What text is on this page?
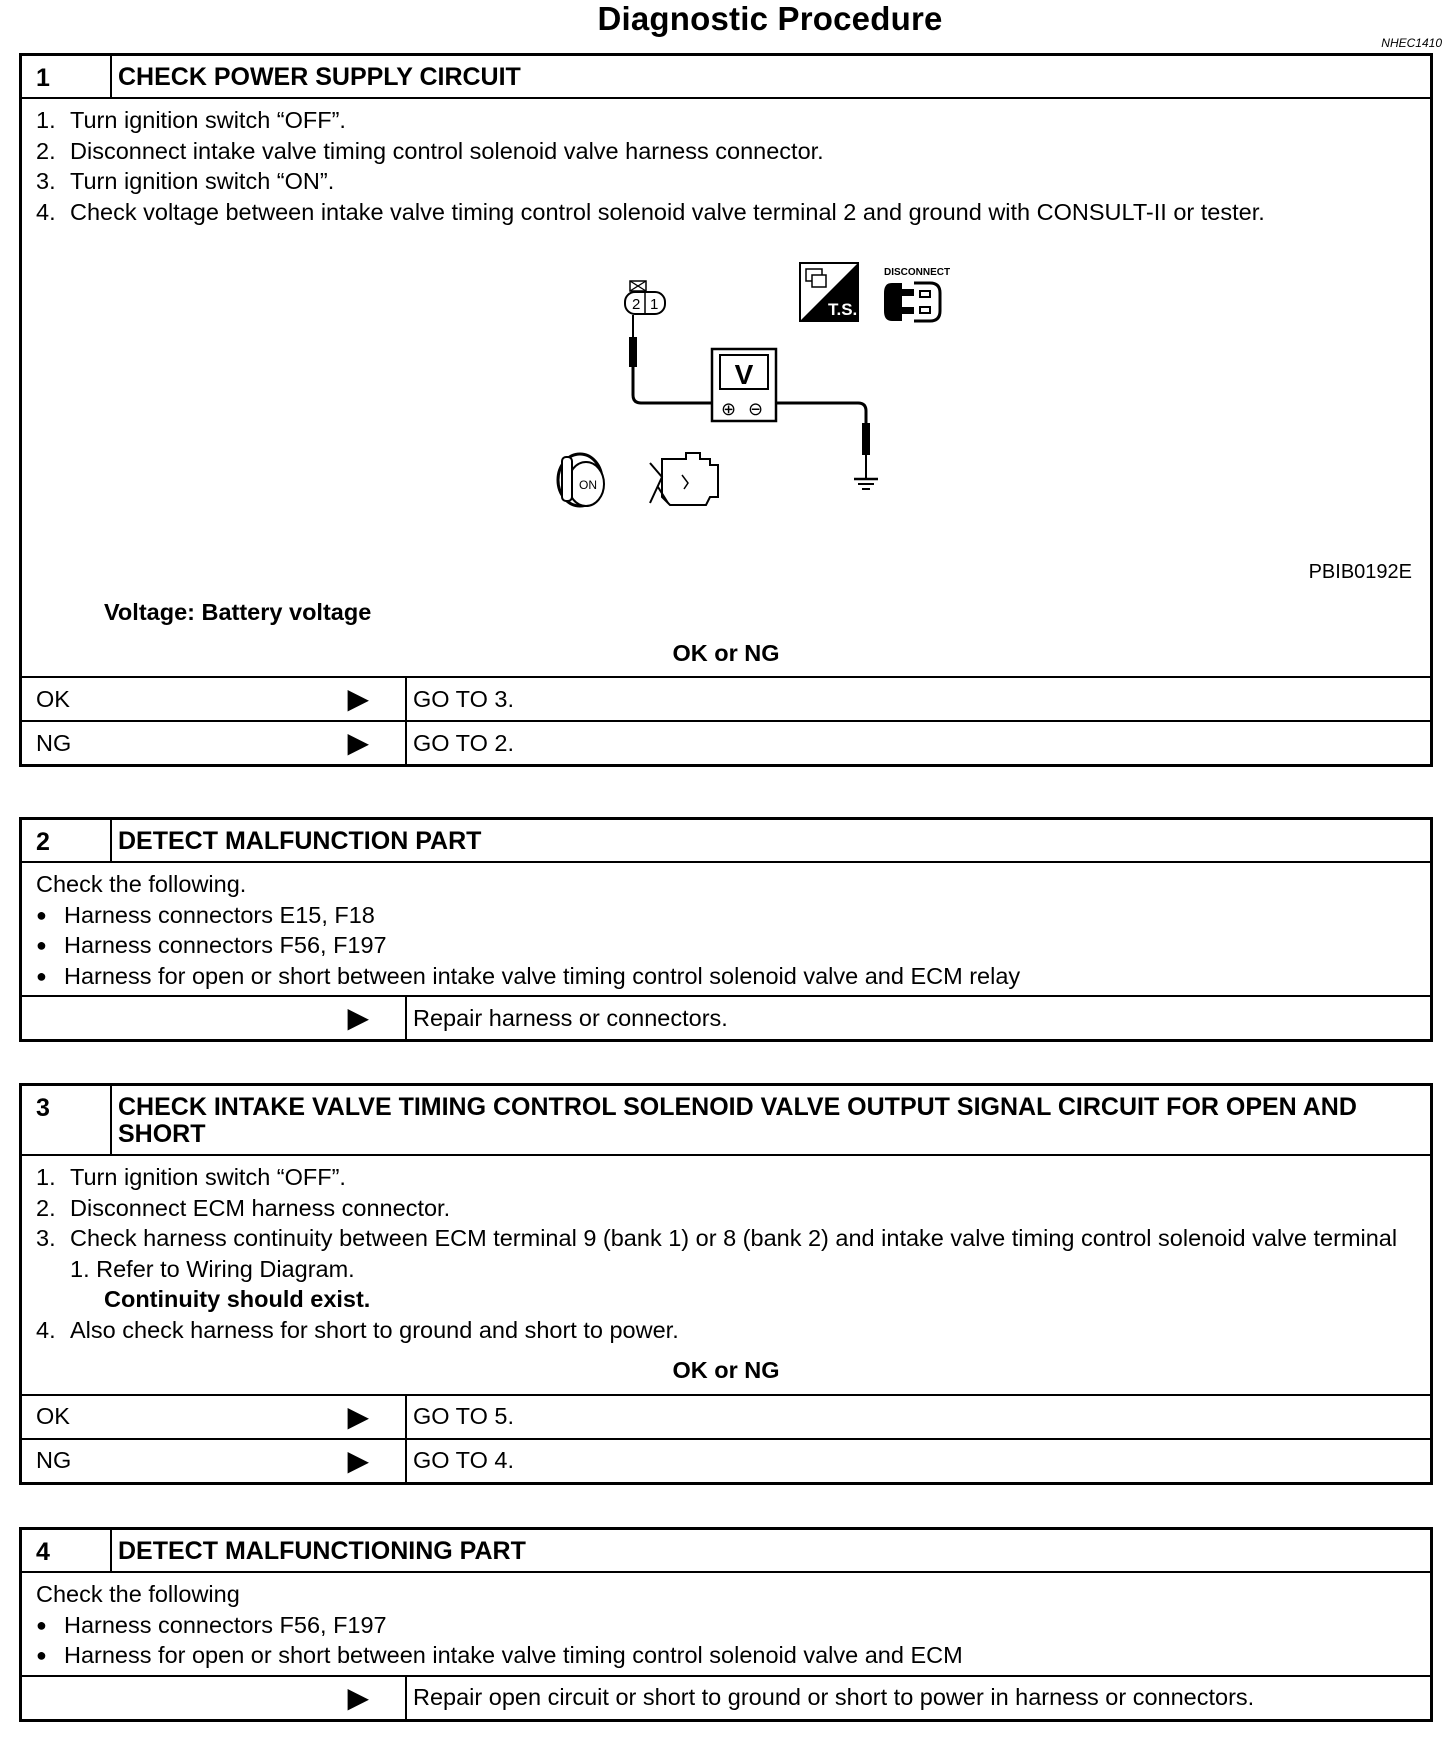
Diagnostic Procedure
NHEC1410
1	CHECK POWER SUPPLY CIRCUIT
1. Turn ignition switch “OFF”.
2. Disconnect intake valve timing control solenoid valve harness connector.
3. Turn ignition switch “ON”.
4. Check voltage between intake valve timing control solenoid valve terminal 2 and ground with CONSULT-II or tester.
2 1
V
⊕ ⊖
T.S.
DISCONNECT
ON
PBIB0192E

Voltage: Battery voltage

OK or NG
OK	▶ GO TO 3.
NG	▶ GO TO 2.
2	DETECT MALFUNCTION PART

Check the following.

● Harness connectors E15, F18
● Harness connectors F56, F197
● Harness for open or short between intake valve timing control solenoid valve and ECM relay
▶ Repair harness or connectors.
3	CHECK INTAKE VALVE TIMING CONTROL SOLENOID VALVE OUTPUT SIGNAL CIRCUIT FOR OPEN AND SHORT
1. Turn ignition switch “OFF”.
2. Disconnect ECM harness connector.
3. Check harness continuity between ECM terminal 9 (bank 1) or 8 (bank 2) and intake valve timing control solenoid valve terminal 1. Refer to Wiring Diagram.

Continuity should exist.

4. Also check harness for short to ground and short to power.
OK or NG
OK	▶ GO TO 5.
NG	▶ GO TO 4.
4	DETECT MALFUNCTIONING PART

Check the following

● Harness connectors F56, F197
● Harness for open or short between intake valve timing control solenoid valve and ECM
▶ Repair open circuit or short to ground or short to power in harness or connectors.
